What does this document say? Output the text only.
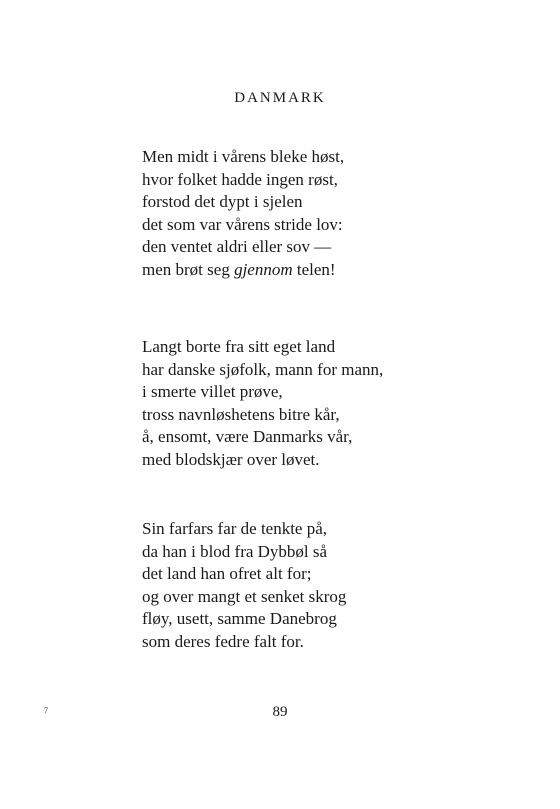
DANMARK
Men midt i vårens bleke høst,
hvor folket hadde ingen røst,
forstod det dypt i sjelen
det som var vårens stride lov:
den ventet aldri eller sov —
men brøt seg gjennom telen!
Langt borte fra sitt eget land
har danske sjøfolk, mann for mann,
i smerte villet prøve,
tross navnløshetens bitre kår,
å, ensomt, være Danmarks vår,
med blodskjær over løvet.
Sin farfars far de tenkte på,
da han i blod fra Dybbøl så
det land han ofret alt for;
og over mangt et senket skrog
fløy, usett, samme Danebrog
som deres fedre falt for.
7	89
